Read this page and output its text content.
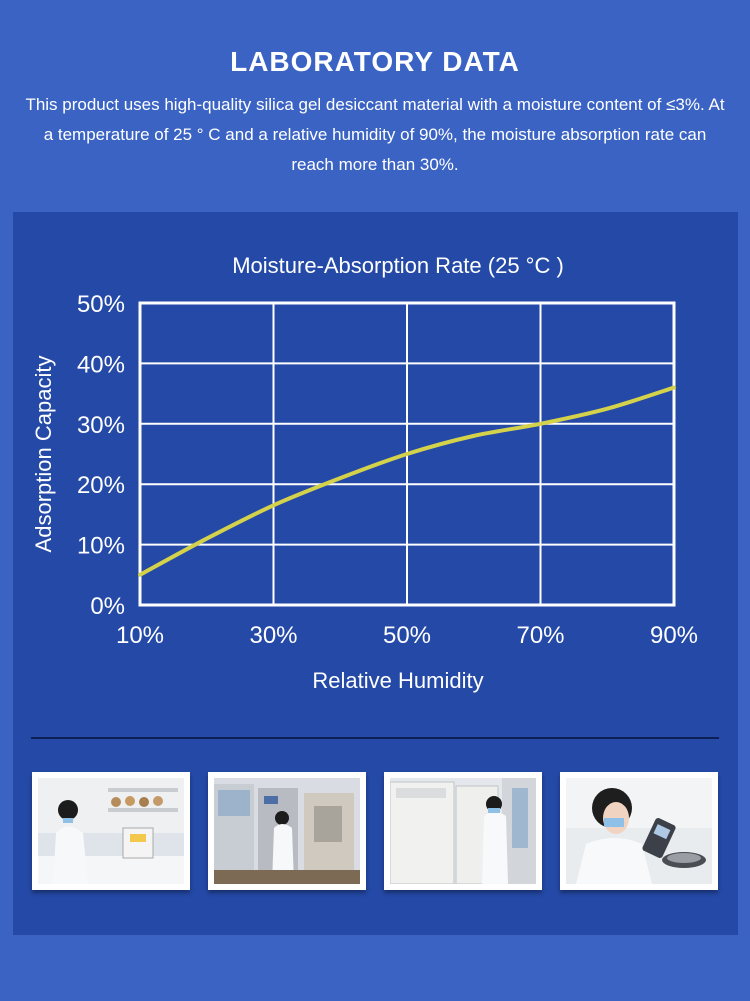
LABORATORY DATA
This product uses high-quality silica gel desiccant material with a moisture content of ≤3%. At a temperature of 25 ° C and a relative humidity of 90%, the moisture absorption rate can reach more than 30%.
0%
10%
20%
30%
40%
50%
10%	30%	50%	70%	90%
Moisture-Absorption Rate (25 °C )
Relative Humidity
Adsorption Capacity
